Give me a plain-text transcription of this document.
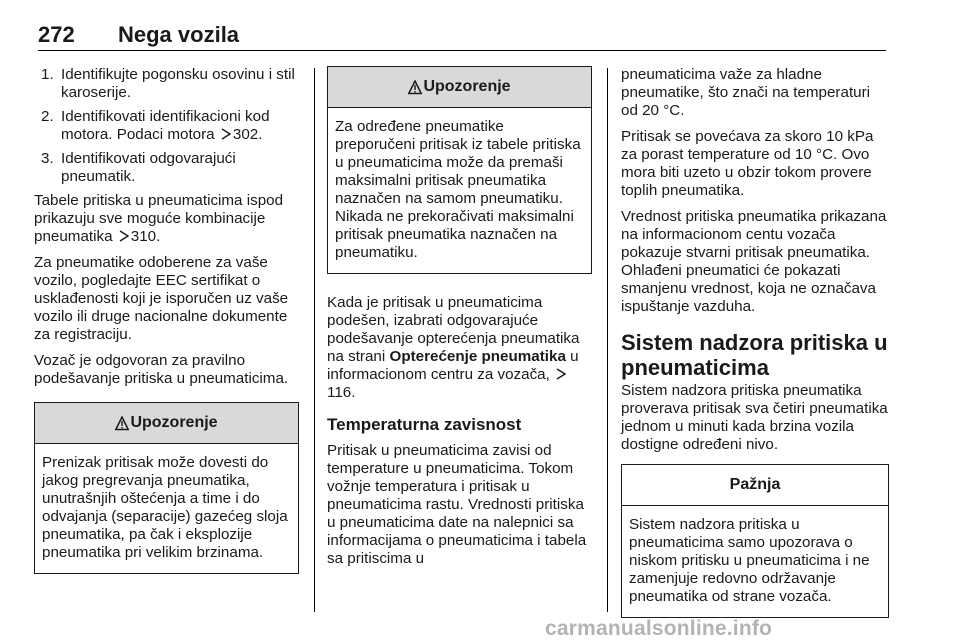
272 Nega vozila
1. Identifikujte pogonsku osovinu i stil karoserije.
2. Identifikovati identifikacioni kod motora. Podaci motora 302.
3. Identifikovati odgovarajući pneumatik.

Tabele pritiska u pneumaticima ispod prikazuju sve moguće kombinacije pneumatika 310.

Za pneumatike odoberene za vaše vozilo, pogledajte EEC sertifikat o usklađenosti koji je isporučen uz vaše vozilo ili druge nacionalne dokumente za registraciju.

Vozač je odgovoran za pravilno podešavanje pritiska u pneumaticima.

Upozorenje
Prenizak pritisak može dovesti do jakog pregrevanja pneumatika, unutrašnjih oštećenja a time i do odvajanja (separacije) gazećeg sloja pneumatika, pa čak i eksplozije pneumatika pri velikim brzinama.
Upozorenje
Za određene pneumatike preporučeni pritisak iz tabele pritiska u pneumaticima može da premaši maksimalni pritisak pneumatika naznačen na samom pneumatiku. Nikada ne prekoračivati maksimalni pritisak pneumatika naznačen na pneumatiku.

Kada je pritisak u pneumaticima podešen, izabrati odgovarajuće podešavanje opterećenja pneumatika na strani Opterećenje pneumatika u informacionom centru za vozača, 116.

Temperaturna zavisnost

Pritisak u pneumaticima zavisi od temperature u pneumaticima. Tokom vožnje temperatura i pritisak u pneumaticima rastu. Vrednosti pritiska u pneumaticima date na nalepnici sa informacijama o pneumaticima i tabela sa pritiscima u

pneumaticima važe za hladne pneumatike, što znači na temperaturi od 20 °C.

Pritisak se povećava za skoro 10 kPa za porast temperature od 10 °C. Ovo mora biti uzeto u obzir tokom provere toplih pneumatika.

Vrednost pritiska pneumatika prikazana na informacionom centu vozača pokazuje stvarni pritisak pneumatika. Ohlađeni pneumatici će pokazati smanjenu vrednost, koja ne označava ispuštanje vazduha.

Sistem nadzora pritiska u pneumaticima

Sistem nadzora pritiska pneumatika proverava pritisak sva četiri pneumatika jednom u minuti kada brzina vozila dostigne određeni nivo.

Pažnja
Sistem nadzora pritiska u pneumaticima samo upozorava o niskom pritisku u pneumaticima i ne zamenjuje redovno održavanje pneumatika od strane vozača.
carmanualsonline.info
